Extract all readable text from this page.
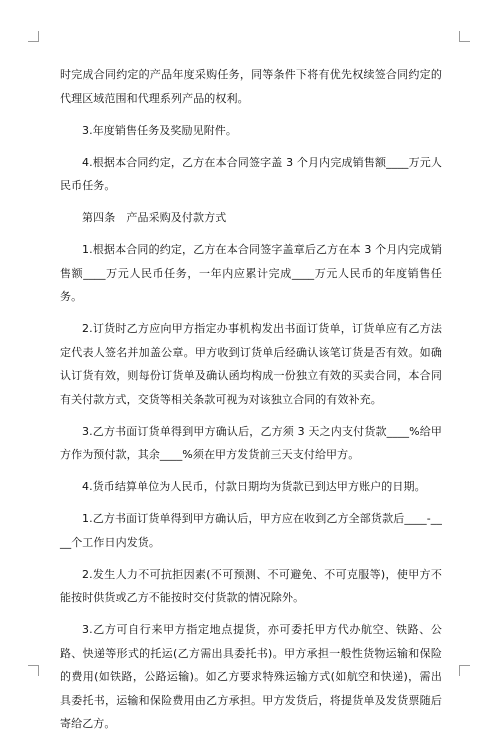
时完成合同约定的产品年度采购任务，同等条件下将有优先权续签合同约定的代理区域范围和代理系列产品的权利。

3.年度销售任务及奖励见附件。

4.根据本合同约定，乙方在本合同签字盖 3 个月内完成销售额____万元人民币任务。

第四条　产品采购及付款方式

1.根据本合同的约定，乙方在本合同签字盖章后乙方在本 3 个月内完成销售额____万元人民币任务，一年内应累计完成____万元人民币的年度销售任务。

2.订货时乙方应向甲方指定办事机构发出书面订货单，订货单应有乙方法定代表人签名并加盖公章。甲方收到订货单后经确认该笔订货是否有效。如确认订货有效，则每份订货单及确认函均构成一份独立有效的买卖合同，本合同有关付款方式，交货等相关条款可视为对该独立合同的有效补充。

3.乙方书面订货单得到甲方确认后，乙方须 3 天之内支付货款____%给甲方作为预付款，其余____%须在甲方发货前三天支付给甲方。

4.货币结算单位为人民币，付款日期均为货款已到达甲方账户的日期。

1.乙方书面订货单得到甲方确认后，甲方应在收到乙方全部货款后____-____个工作日内发货。

2.发生人力不可抗拒因素(不可预测、不可避免、不可克服等)，使甲方不能按时供货或乙方不能按时交付货款的情况除外。

3.乙方可自行来甲方指定地点提货，亦可委托甲方代办航空、铁路、公路、快递等形式的托运(乙方需出具委托书)。甲方承担一般性货物运输和保险的费用(如铁路，公路运输)。如乙方要求特殊运输方式(如航空和快递)，需出具委托书，运输和保险费用由乙方承担。甲方发货后，将提货单及发货票随后寄给乙方。
